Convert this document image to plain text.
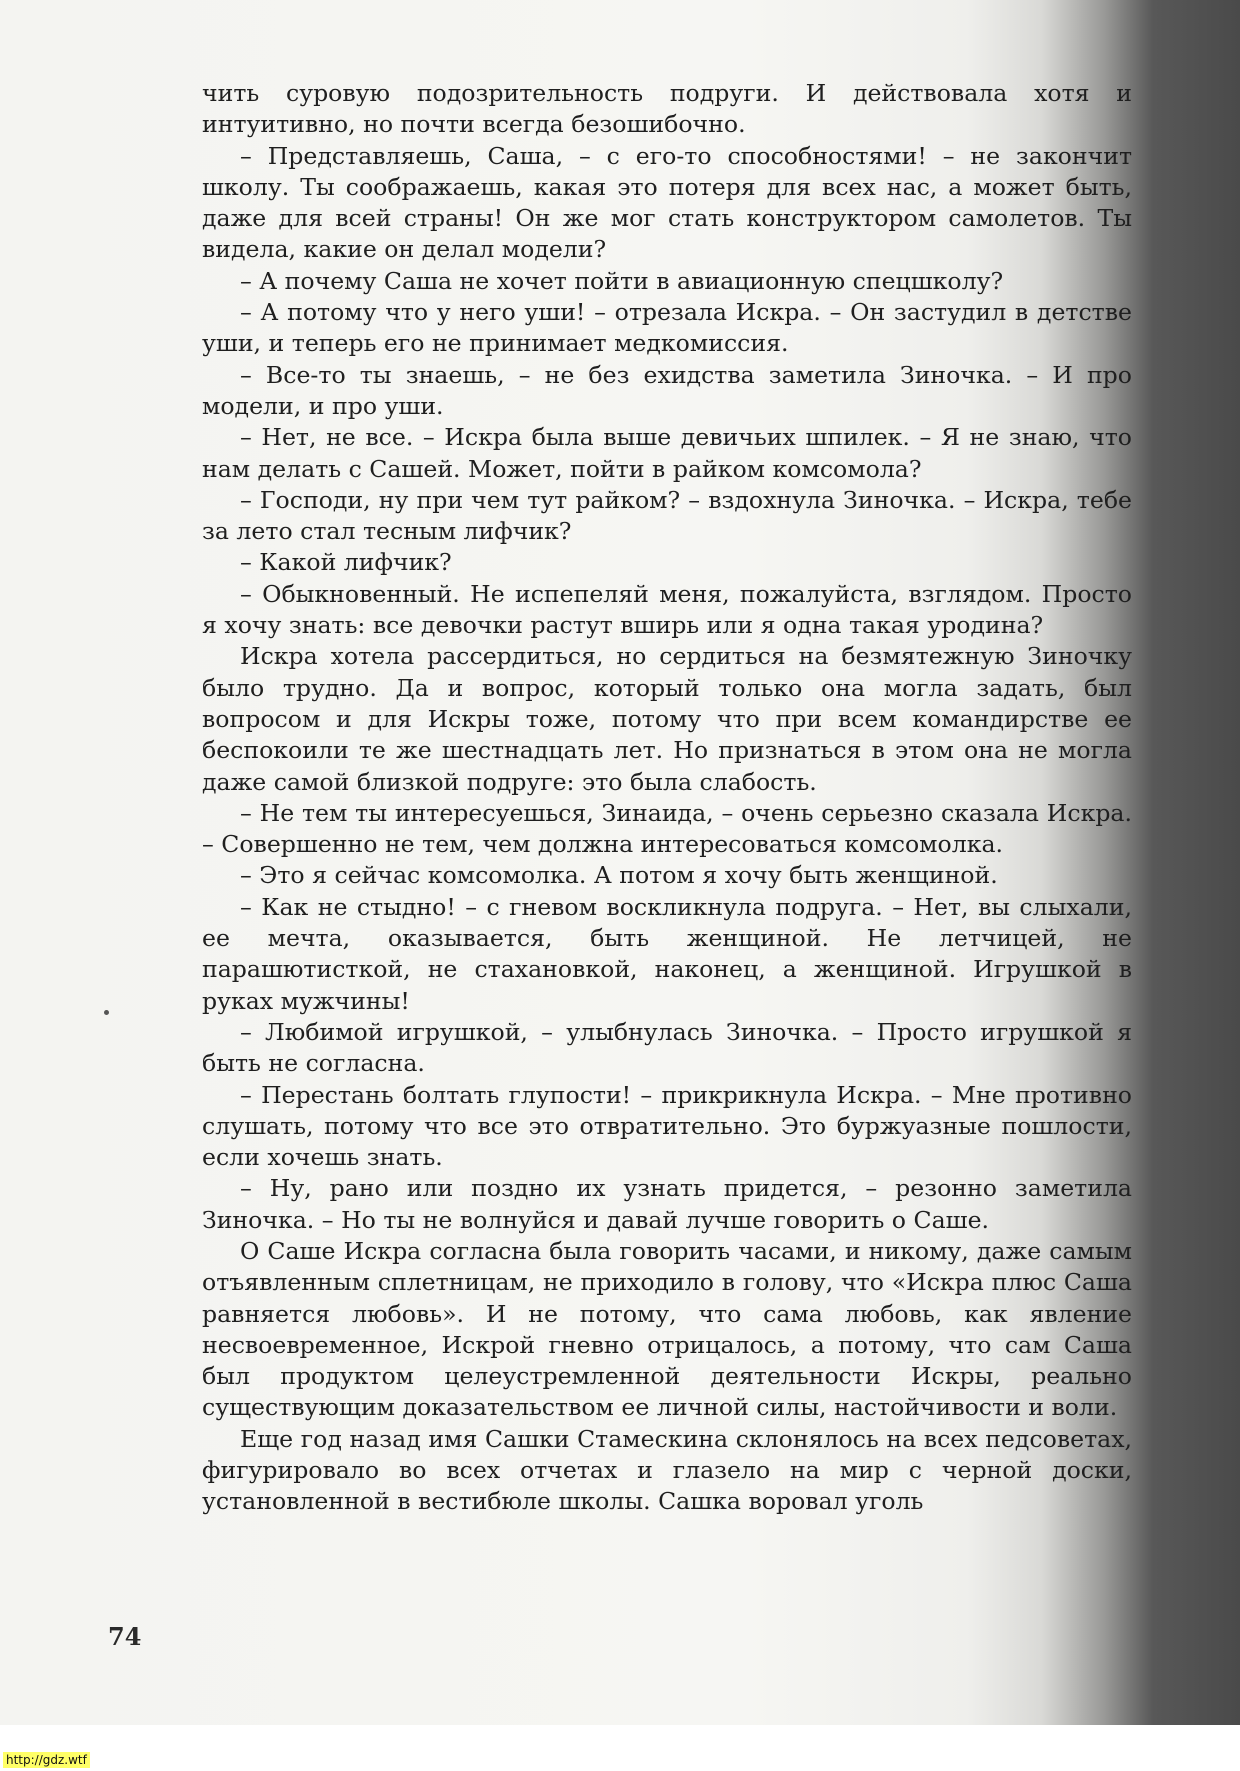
чить суровую подозрительность подруги. И действовала хотя и интуитивно, но почти всегда безошибочно.

– Представляешь, Саша, – с его-то способностями! – не закончит школу. Ты соображаешь, какая это потеря для всех нас, а может быть, даже для всей страны! Он же мог стать конструктором самолетов. Ты видела, какие он делал модели?

– А почему Саша не хочет пойти в авиационную спецшколу?

– А потому что у него уши! – отрезала Искра. – Он застудил в детстве уши, и теперь его не принимает медкомиссия.

– Все-то ты знаешь, – не без ехидства заметила Зиночка. – И про модели, и про уши.

– Нет, не все. – Искра была выше девичьих шпилек. – Я не знаю, что нам делать с Сашей. Может, пойти в райком комсомола?

– Господи, ну при чем тут райком? – вздохнула Зиночка. – Искра, тебе за лето стал тесным лифчик?

– Какой лифчик?

– Обыкновенный. Не испепеляй меня, пожалуйста, взглядом. Просто я хочу знать: все девочки растут вширь или я одна такая уродина?

Искра хотела рассердиться, но сердиться на безмятежную Зиночку было трудно. Да и вопрос, который только она могла задать, был вопросом и для Искры тоже, потому что при всем командирстве ее беспокоили те же шестнадцать лет. Но признаться в этом она не могла даже самой близкой подруге: это была слабость.

– Не тем ты интересуешься, Зинаида, – очень серьезно сказала Искра. – Совершенно не тем, чем должна интересоваться комсомолка.

– Это я сейчас комсомолка. А потом я хочу быть женщиной.

– Как не стыдно! – с гневом воскликнула подруга. – Нет, вы слыхали, ее мечта, оказывается, быть женщиной. Не летчицей, не парашютисткой, не стахановкой, наконец, а женщиной. Игрушкой в руках мужчины!

– Любимой игрушкой, – улыбнулась Зиночка. – Просто игрушкой я быть не согласна.

– Перестань болтать глупости! – прикрикнула Искра. – Мне противно слушать, потому что все это отвратительно. Это буржуазные пошлости, если хочешь знать.

– Ну, рано или поздно их узнать придется, – резонно заметила Зиночка. – Но ты не волнуйся и давай лучше говорить о Саше.

О Саше Искра согласна была говорить часами, и никому, даже самым отъявленным сплетницам, не приходило в голову, что «Искра плюс Саша равняется любовь». И не потому, что сама любовь, как явление несвоевременное, Искрой гневно отрицалось, а потому, что сам Саша был продуктом целеустремленной деятельности Искры, реально существующим доказательством ее личной силы, настойчивости и воли.

Еще год назад имя Сашки Стамескина склонялось на всех педсоветах, фигурировало во всех отчетах и глазело на мир с черной доски, установленной в вестибюле школы. Сашка воровал уголь

74
http://gdz.wtf
